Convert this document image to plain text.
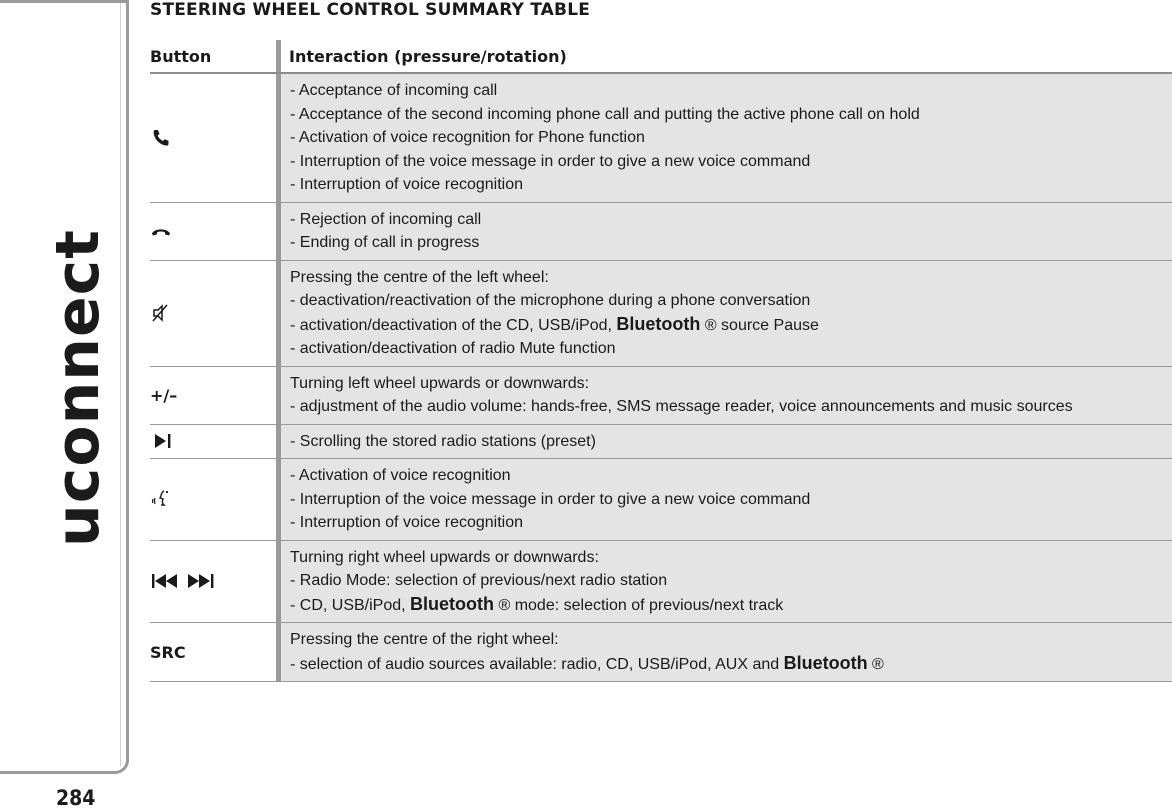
uconnect
284
STEERING WHEEL CONTROL SUMMARY TABLE
Button	Interaction (pressure/rotation)
- Acceptance of incoming call
- Acceptance of the second incoming phone call and putting the active phone call on hold
- Activation of voice recognition for Phone function
- Interruption of the voice message in order to give a new voice command
- Interruption of voice recognition
- Rejection of incoming call
- Ending of call in progress
Pressing the centre of the left wheel:
- deactivation/reactivation of the microphone during a phone conversation
- activation/deactivation of the CD, USB/iPod, Bluetooth ® source Pause
- activation/deactivation of radio Mute function
+/–
Turning left wheel upwards or downwards:
- adjustment of the audio volume: hands-free, SMS message reader, voice announcements and music sources
- Scrolling the stored radio stations (preset)
- Activation of voice recognition
- Interruption of the voice message in order to give a new voice command
- Interruption of voice recognition
Turning right wheel upwards or downwards:
- Radio Mode: selection of previous/next radio station
- CD, USB/iPod, Bluetooth ® mode: selection of previous/next track
SRC
Pressing the centre of the right wheel:
- selection of audio sources available: radio, CD, USB/iPod, AUX and Bluetooth ®
